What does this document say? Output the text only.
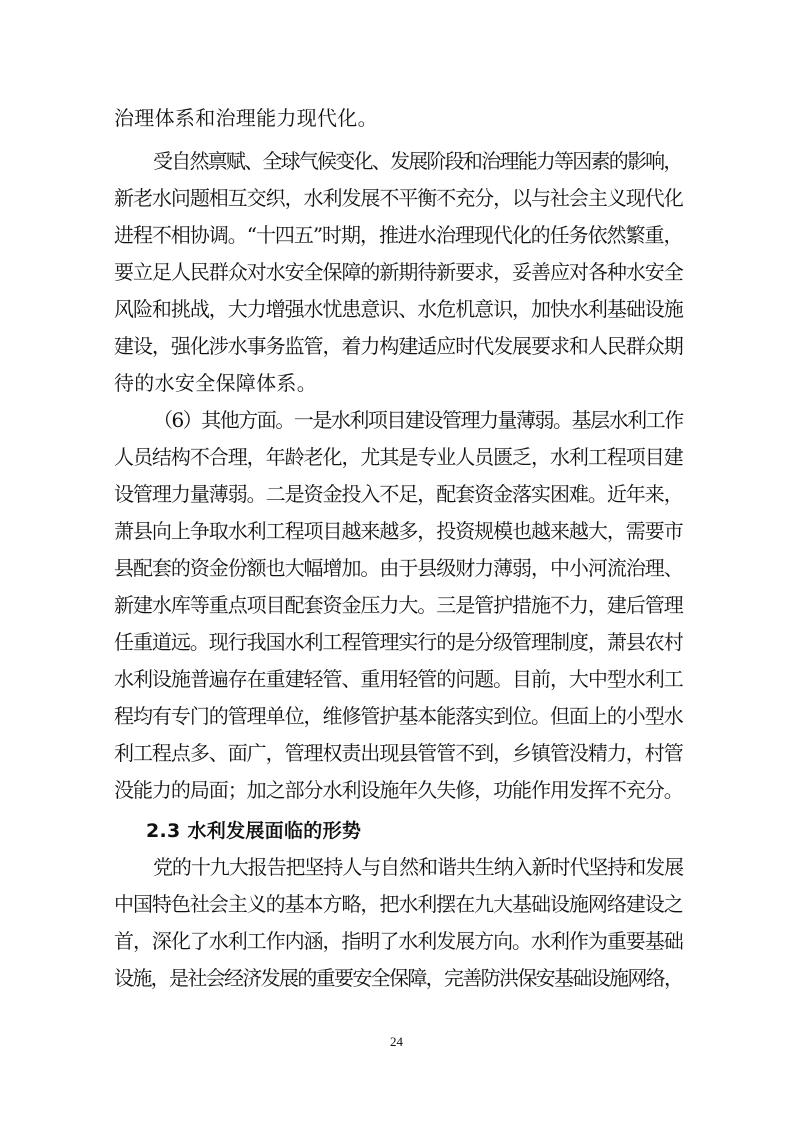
治理体系和治理能力现代化。
受自然禀赋、全球气候变化、发展阶段和治理能力等因素的影响，
新老水问题相互交织，水利发展不平衡不充分，以与社会主义现代化
进程不相协调。“十四五”时期，推进水治理现代化的任务依然繁重，
要立足人民群众对水安全保障的新期待新要求，妥善应对各种水安全
风险和挑战，大力增强水忧患意识、水危机意识，加快水利基础设施
建设，强化涉水事务监管，着力构建适应时代发展要求和人民群众期
待的水安全保障体系。
（6）其他方面。一是水利项目建设管理力量薄弱。基层水利工作
人员结构不合理，年龄老化，尤其是专业人员匮乏，水利工程项目建
设管理力量薄弱。二是资金投入不足，配套资金落实困难。近年来，
萧县向上争取水利工程项目越来越多，投资规模也越来越大，需要市
县配套的资金份额也大幅增加。由于县级财力薄弱，中小河流治理、
新建水库等重点项目配套资金压力大。三是管护措施不力，建后管理
任重道远。现行我国水利工程管理实行的是分级管理制度，萧县农村
水利设施普遍存在重建轻管、重用轻管的问题。目前，大中型水利工
程均有专门的管理单位，维修管护基本能落实到位。但面上的小型水
利工程点多、面广，管理权责出现县管管不到，乡镇管没精力，村管
没能力的局面；加之部分水利设施年久失修，功能作用发挥不充分。
2.3 水利发展面临的形势
党的十九大报告把坚持人与自然和谐共生纳入新时代坚持和发展
中国特色社会主义的基本方略，把水利摆在九大基础设施网络建设之
首，深化了水利工作内涵，指明了水利发展方向。水利作为重要基础
设施，是社会经济发展的重要安全保障，完善防洪保安基础设施网络，
24
